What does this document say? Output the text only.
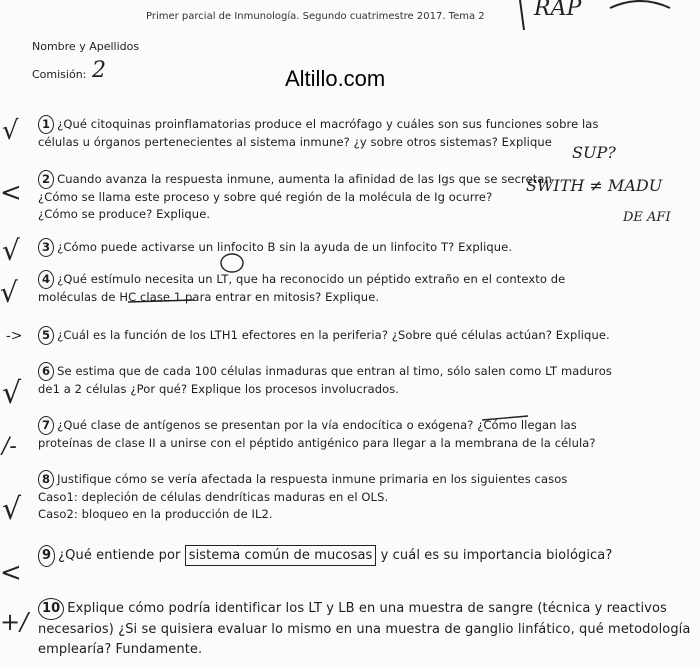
Primer parcial de Inmunología. Segundo cuatrimestre 2017. Tema 2
Nombre y Apellidos
Comisión: 2	Altillo.com
RAP
SUP?
SWITH ≠ MADU
DE AFI
√
<
√
√
->
√
/-
√
<
+/
1 ¿Qué citoquinas proinflamatorias produce el macrófago y cuáles son sus funciones sobre las
células u órganos pertenecientes al sistema inmune? ¿y sobre otros sistemas? Explique
2 Cuando avanza la respuesta inmune, aumenta la afinidad de las Igs que se secretan
¿Cómo se llama este proceso y sobre qué región de la molécula de Ig ocurre?
¿Cómo se produce? Explique.
3 ¿Cómo puede activarse un linfocito B sin la ayuda de un linfocito T? Explique.
4 ¿Qué estímulo necesita un LT, que ha reconocido un péptido extraño en el contexto de
moléculas de HC clase 1 para entrar en mitosis? Explique.
5 ¿Cuál es la función de los LTH1 efectores en la periferia? ¿Sobre qué células actúan? Explique.
6 Se estima que de cada 100 células inmaduras que entran al timo, sólo salen como LT maduros
de1 a 2 células ¿Por qué? Explique los procesos involucrados.
7 ¿Qué clase de antígenos se presentan por la vía endocítica o exógena? ¿Cómo llegan las
proteínas de clase II a unirse con el péptido antigénico para llegar a la membrana de la célula?
8 Justifique cómo se vería afectada la respuesta inmune primaria en los siguientes casos
Caso1: depleción de células dendríticas maduras en el OLS.
Caso2: bloqueo en la producción de IL2.
9 ¿Qué entiende por sistema común de mucosas y cuál es su importancia biológica?
10 Explique cómo podría identificar los LT y LB en una muestra de sangre (técnica y reactivos
necesarios) ¿Si se quisiera evaluar lo mismo en una muestra de ganglio linfático, qué metodología
emplearía? Fundamente.
